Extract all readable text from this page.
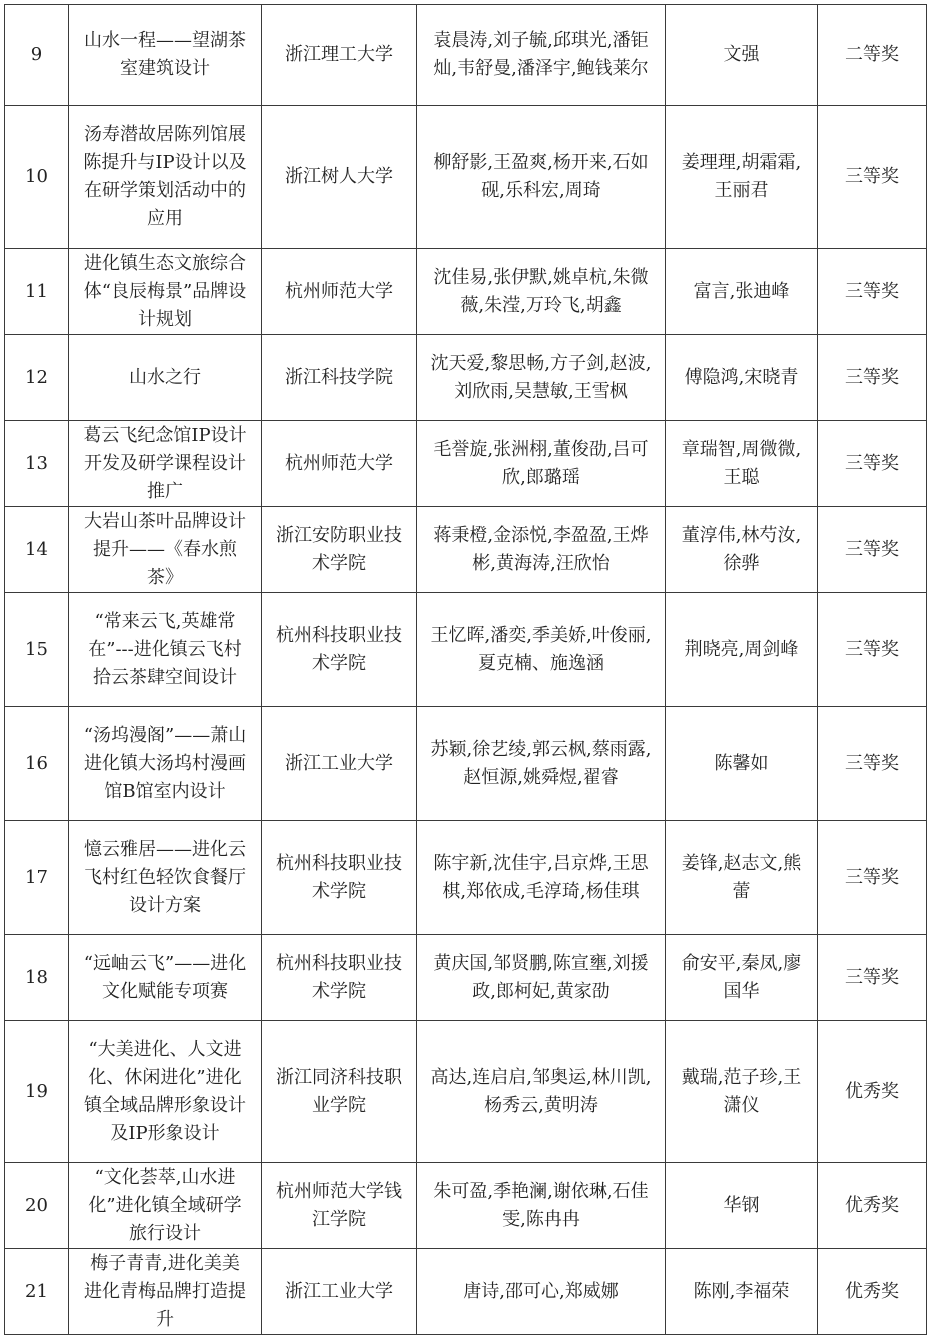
9	山水一程——望湖茶室建筑设计	浙江理工大学	袁晨涛,刘子毓,邱琪光,潘钜灿,韦舒曼,潘泽宇,鲍钱莱尔	文强	二等奖
10	汤寿潜故居陈列馆展陈提升与IP设计以及在研学策划活动中的应用	浙江树人大学	柳舒影,王盈爽,杨开来,石如砚,乐科宏,周琦	姜理理,胡霜霜,王丽君	三等奖
11	进化镇生态文旅综合体“良辰梅景”品牌设计规划	杭州师范大学	沈佳易,张伊默,姚卓杭,朱微薇,朱滢,万玲飞,胡鑫	富言,张迪峰	三等奖
12	山水之行	浙江科技学院	沈天爱,黎思畅,方子剑,赵波,刘欣雨,吴慧敏,王雪枫	傅隐鸿,宋晓青	三等奖
13	葛云飞纪念馆IP设计开发及研学课程设计推广	杭州师范大学	毛誉旋,张洲栩,董俊劭,吕可欣,郎璐瑶	章瑞智,周微微,王聪	三等奖
14	大岩山茶叶品牌设计提升——《春水煎茶》	浙江安防职业技术学院	蒋秉橙,金添悦,李盈盈,王烨彬,黄海涛,汪欣怡	董淳伟,林芍汝,徐骅	三等奖
15	“常来云飞,英雄常在”---进化镇云飞村拾云茶肆空间设计	杭州科技职业技术学院	王忆晖,潘奕,季美娇,叶俊丽,夏克楠、施逸涵	荆晓亮,周剑峰	三等奖
16	“汤坞漫阁”——萧山进化镇大汤坞村漫画馆B馆室内设计	浙江工业大学	苏颖,徐艺绫,郭云枫,蔡雨露,赵恒源,姚舜煜,翟睿	陈馨如	三等奖
17	憶云雅居——进化云飞村红色轻饮食餐厅设计方案	杭州科技职业技术学院	陈宇新,沈佳宇,吕京烨,王思棋,郑依成,毛淳琦,杨佳琪	姜锋,赵志文,熊蕾	三等奖
18	“远岫云飞”——进化文化赋能专项赛	杭州科技职业技术学院	黄庆国,邹贤鹏,陈宣壅,刘援政,郎柯妃,黄家劭	俞安平,秦凤,廖国华	三等奖
19	“大美进化、人文进化、休闲进化”进化镇全域品牌形象设计及IP形象设计	浙江同济科技职业学院	高达,连启启,邹奥运,林川凯,杨秀云,黄明涛	戴瑞,范子珍,王潇仪	优秀奖
20	“文化荟萃,山水进化”进化镇全域研学旅行设计	杭州师范大学钱江学院	朱可盈,季艳澜,谢依琳,石佳雯,陈冉冉	华钢	优秀奖
21	梅子青青,进化美美 进化青梅品牌打造提升	浙江工业大学	唐诗,邵可心,郑威娜	陈刚,李福荣	优秀奖
